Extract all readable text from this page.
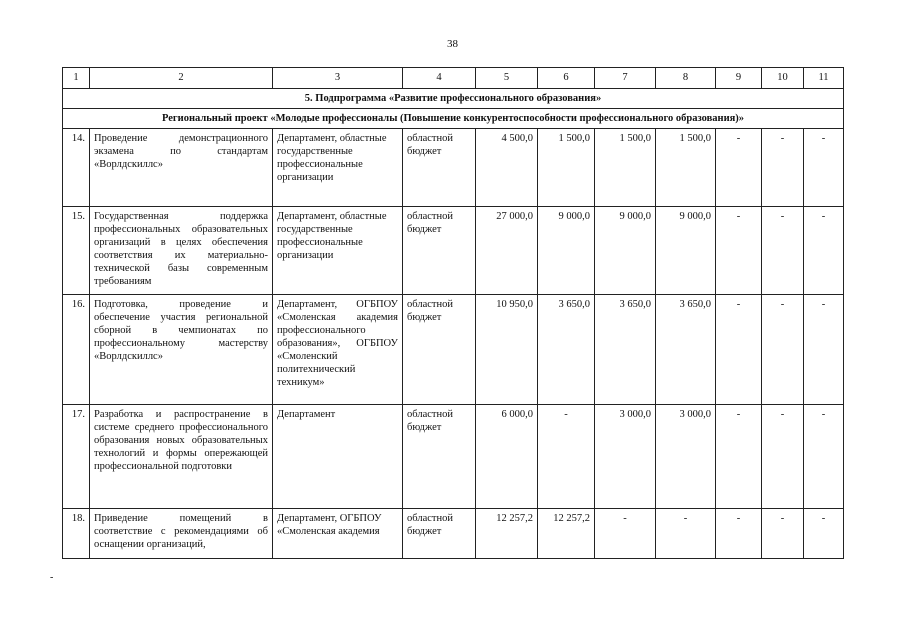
38
1	2	3	4	5	6	7	8	9	10	11
5. Подпрограмма «Развитие профессионального образования»										
Региональный проект «Молодые профессионалы (Повышение конкурентоспособности профессионального образования)»										
14.	Проведение демонстрационного экзамена по стандартам «Ворлдскиллс»	Департамент, областные государственные профессиональные организации	областной бюджет	4 500,0	1 500,0	1 500,0	1 500,0	-	-	-
15.	Государственная поддержка профессиональных образовательных организаций в целях обеспечения соответствия их материально- технической базы современным требованиям	Департамент, областные государственные профессиональные организации	областной бюджет	27 000,0	9 000,0	9 000,0	9 000,0	-	-	-
16.	Подготовка, проведение и обеспечение участия региональной сборной в чемпионатах по профессиональному мастерству «Ворлдскиллс»	Департамент, ОГБПОУ «Смоленская академия профессионального образования», ОГБПОУ «Смоленский политехнический техникум»	областной бюджет	10 950,0	3 650,0	3 650,0	3 650,0	-	-	-
17.	Разработка и распространение в системе среднего профессионального образования новых образовательных технологий и формы опережающей профессиональной подготовки	Департамент	областной бюджет	6 000,0	-	3 000,0	3 000,0	-	-	-
18.	Приведение помещений в соответствие с рекомендациями об оснащении организаций,	Департамент, ОГБПОУ «Смоленская академия	областной бюджет	12 257,2	12 257,2	-	-	-	-	-
-
